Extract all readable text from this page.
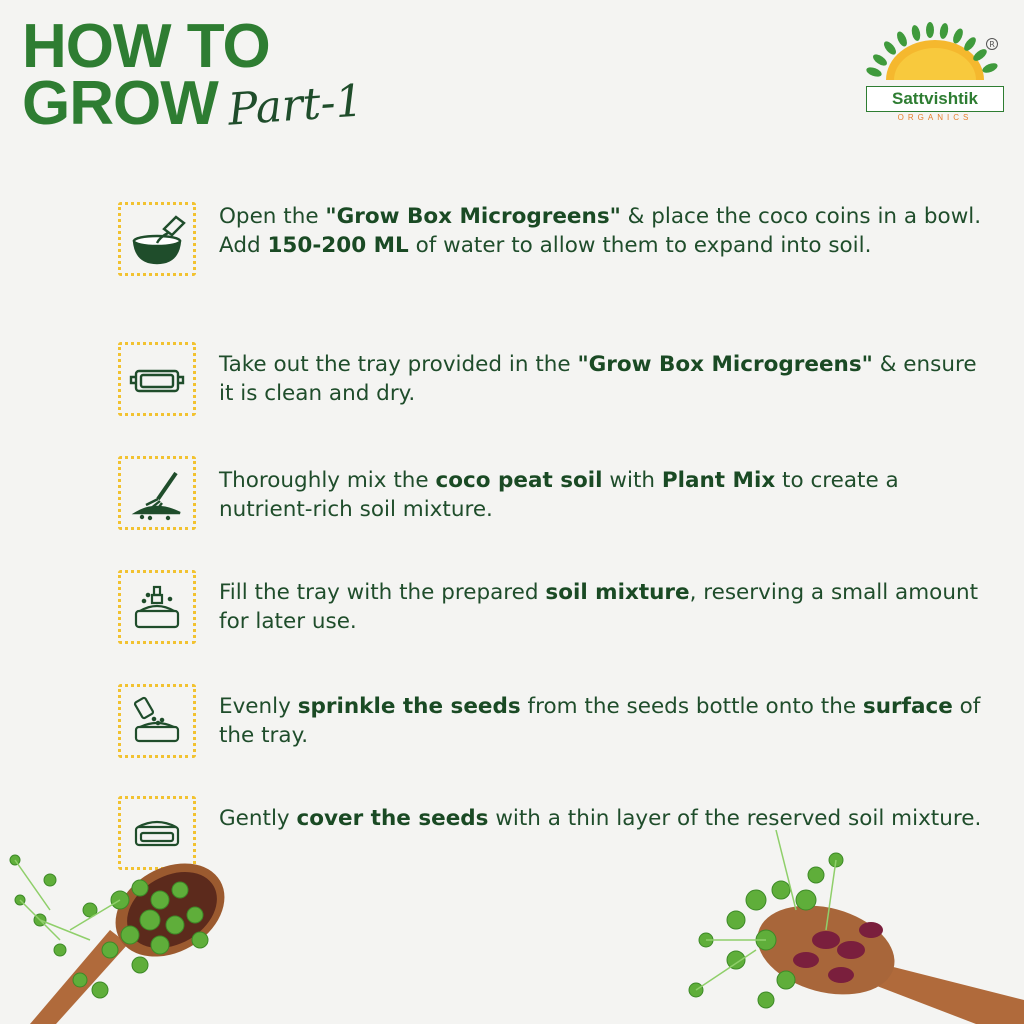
HOW TO
GROW Part-1
R
Sattvishtik
ORGANICS
Open the "Grow Box Microgreens" & place the coco coins in a bowl. Add 150-200 ML of water to allow them to expand into soil.
Take out the tray provided in the "Grow Box Microgreens" & ensure it is clean and dry.
Thoroughly mix the coco peat soil with Plant Mix to create a nutrient-rich soil mixture.
Fill the tray with the prepared soil mixture, reserving a small amount for later use.
Evenly sprinkle the seeds from the seeds bottle onto the surface of the tray.
Gently cover the seeds with a thin layer of the reserved soil mixture.
